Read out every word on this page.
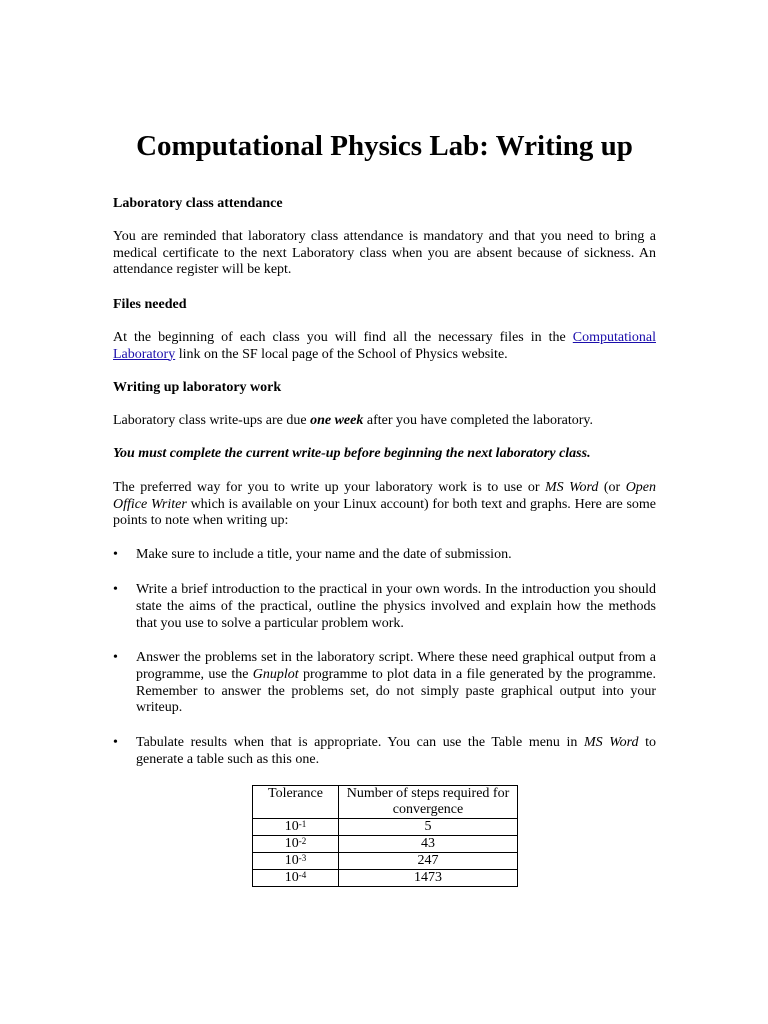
Computational Physics Lab: Writing up

Laboratory class attendance

You are reminded that laboratory class attendance is mandatory and that you need to bring a medical certificate to the next Laboratory class when you are absent because of sickness. An attendance register will be kept.

Files needed

At the beginning of each class you will find all the necessary files in the Computational Laboratory link on the SF local page of the School of Physics website.

Writing up laboratory work

Laboratory class write-ups are due one week after you have completed the laboratory.

You must complete the current write-up before beginning the next laboratory class.

The preferred way for you to write up your laboratory work is to use or MS Word (or Open Office Writer which is available on your Linux account) for both text and graphs. Here are some points to note when writing up:

• Make sure to include a title, your name and the date of submission.
• Write a brief introduction to the practical in your own words. In the introduction you should state the aims of the practical, outline the physics involved and explain how the methods that you use to solve a particular problem work.
• Answer the problems set in the laboratory script. Where these need graphical output from a programme, use the Gnuplot programme to plot data in a file generated by the programme. Remember to answer the problems set, do not simply paste graphical output into your writeup.
• Tabulate results when that is appropriate. You can use the Table menu in MS Word to generate a table such as this one.
Tolerance	Number of steps required for convergence
$10^{-1}$	5
$10^{-2}$	43
$10^{-3}$	247
$10^{-4}$	1473
